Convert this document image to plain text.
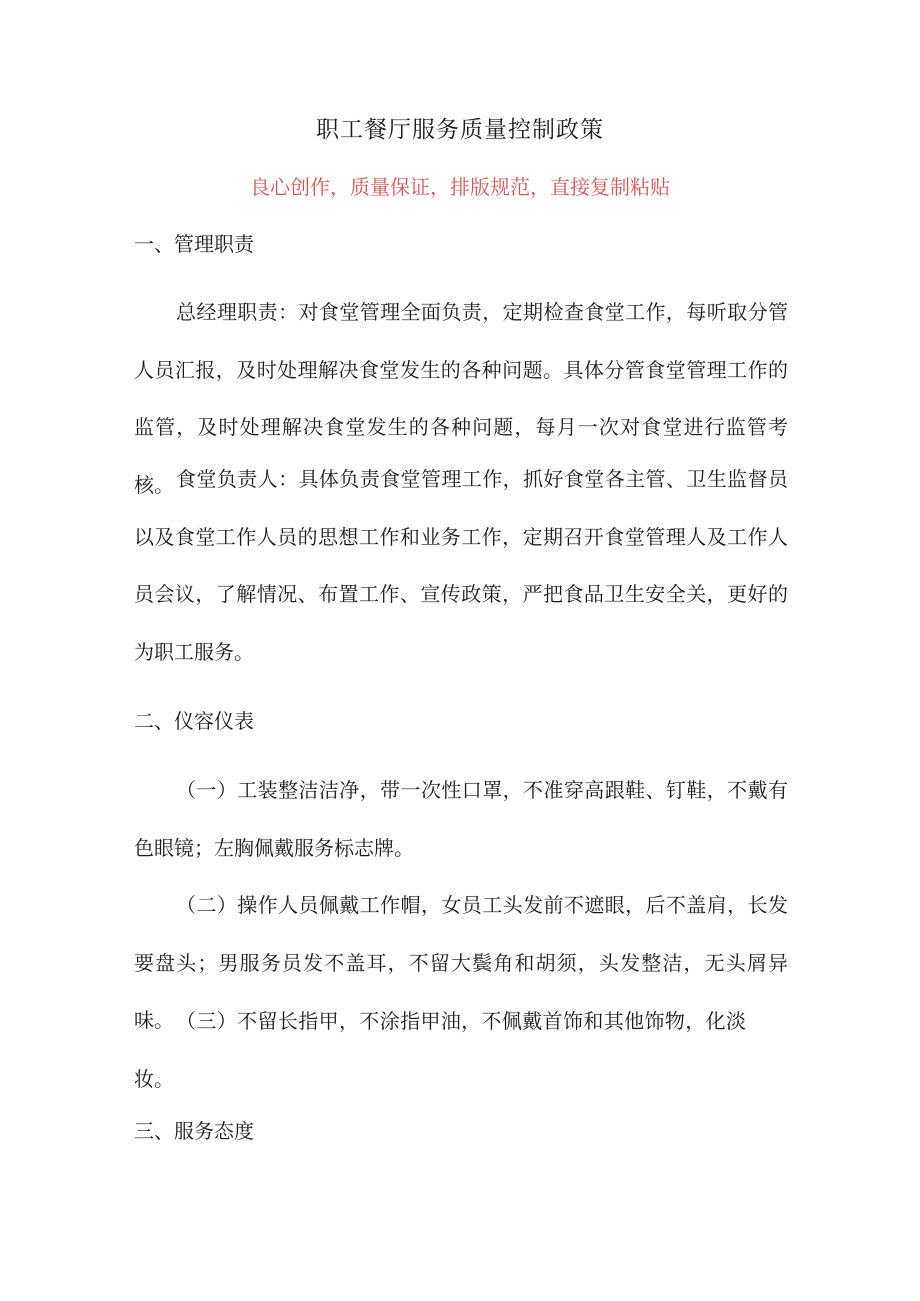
职工餐厅服务质量控制政策
良心创作，质量保证，排版规范，直接复制粘贴
一、管理职责

总经理职责：对食堂管理全面负责，定期检查食堂工作，每听取分管人员汇报，及时处理解决食堂发生的各种问题。具体分管食堂管理工作的监管，及时处理解决食堂发生的各种问题，每月一次对食堂进行监管考核。 食堂负责人：具体负责食堂管理工作，抓好食堂各主管、卫生监督员以及食堂工作人员的思想工作和业务工作，定期召开食堂管理人及工作人员会议，了解情况、布置工作、宣传政策，严把食品卫生安全关，更好的为职工服务。

二、仪容仪表

（一）工装整洁洁净，带一次性口罩，不准穿高跟鞋、钉鞋，不戴有色眼镜；左胸佩戴服务标志牌。

（二）操作人员佩戴工作帽，女员工头发前不遮眼，后不盖肩，长发要盘头；男服务员发不盖耳，不留大鬓角和胡须，头发整洁，无头屑异味。 （三）不留长指甲，不涂指甲油，不佩戴首饰和其他饰物，化淡妆。

三、服务态度
